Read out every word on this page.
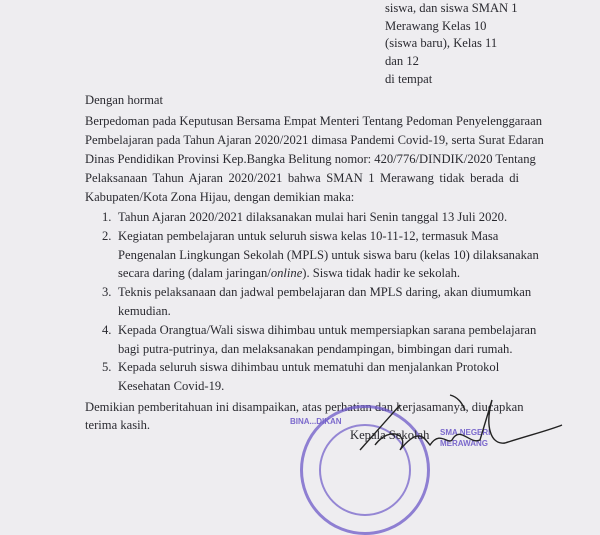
siswa, dan siswa SMAN 1
Merawang Kelas 10
(siswa baru), Kelas 11
dan 12
di tempat
Dengan hormat
Berpedoman pada Keputusan Bersama Empat Menteri Tentang Pedoman Penyelenggaraan
Pembelajaran pada Tahun Ajaran 2020/2021 dimasa Pandemi Covid-19, serta Surat Edaran
Dinas Pendidikan Provinsi Kep.Bangka Belitung nomor: 420/776/DINDIK/2020 Tentang
Pelaksanaan Tahun Ajaran 2020/2021 bahwa SMAN 1 Merawang tidak berada di
Kabupaten/Kota Zona Hijau, dengan demikian maka:
1. Tahun Ajaran 2020/2021 dilaksanakan mulai hari Senin tanggal 13 Juli 2020.
2. Kegiatan pembelajaran untuk seluruh siswa kelas 10-11-12, termasuk Masa
Pengenalan Lingkungan Sekolah (MPLS) untuk siswa baru (kelas 10) dilaksanakan
secara daring (dalam jaringan/online). Siswa tidak hadir ke sekolah.
3. Teknis pelaksanaan dan jadwal pembelajaran dan MPLS daring, akan diumumkan
kemudian.
4. Kepada Orangtua/Wali siswa dihimbau untuk mempersiapkan sarana pembelajaran
bagi putra-putrinya, dan melaksanakan pendampingan, bimbingan dari rumah.
5. Kepada seluruh siswa dihimbau untuk mematuhi dan menjalankan Protokol
Kesehatan Covid-19.
Demikian pemberitahuan ini disampaikan, atas perhatian dan kerjasamanya, diucapkan
terima kasih.	BINA...DIKAN
SMA NEGERI
MERAWANG
Kepala Sekolah
